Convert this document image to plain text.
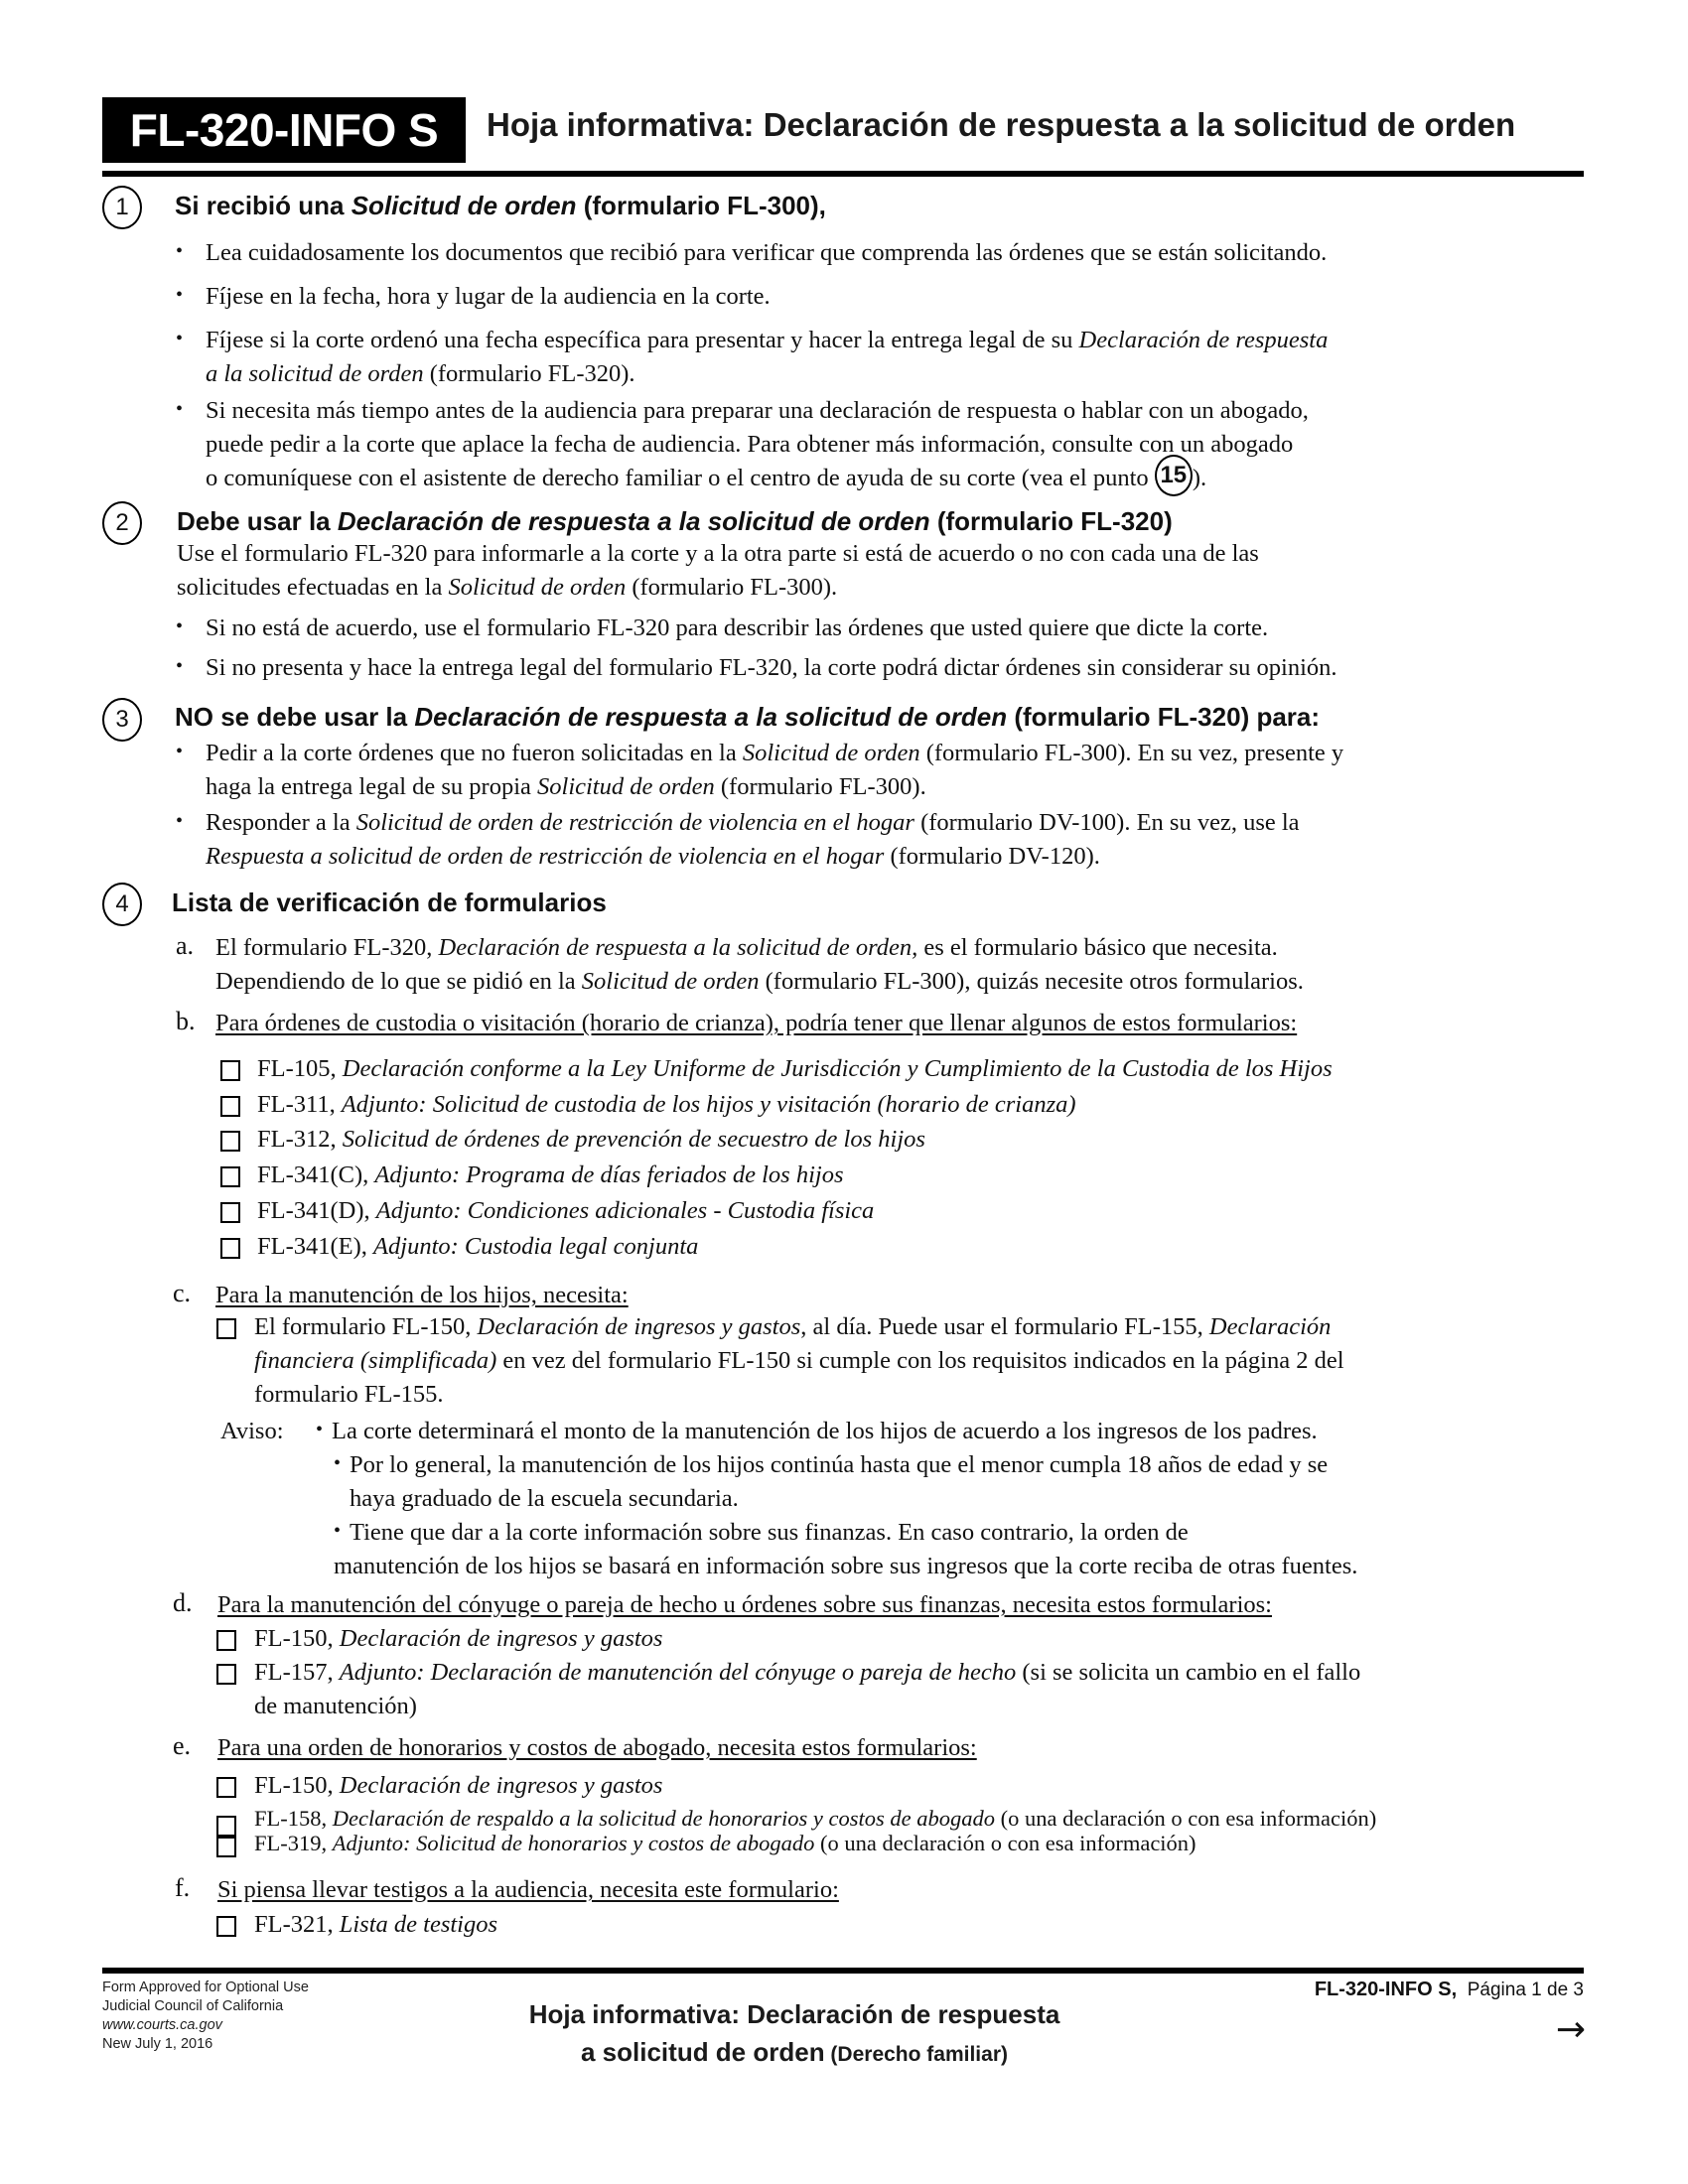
FL-320-INFO S	Hoja informativa: Declaración de respuesta a la solicitud de orden
1	Si recibió una Solicitud de orden (formulario FL-300),
• Lea cuidadosamente los documentos que recibió para verificar que comprenda las órdenes que se están solicitando.
• Fíjese en la fecha, hora y lugar de la audiencia en la corte.
• Fíjese si la corte ordenó una fecha específica para presentar y hacer la entrega legal de su Declaración de respuesta
a la solicitud de orden (formulario FL-320).
• Si necesita más tiempo antes de la audiencia para preparar una declaración de respuesta o hablar con un abogado,
puede pedir a la corte que aplace la fecha de audiencia. Para obtener más información, consulte con un abogado
o comuníquese con el asistente de derecho familiar o el centro de ayuda de su corte (vea el punto 15 ).
2	Debe usar la Declaración de respuesta a la solicitud de orden (formulario FL-320)
Use el formulario FL-320 para informarle a la corte y a la otra parte si está de acuerdo o no con cada una de las
solicitudes efectuadas en la Solicitud de orden (formulario FL-300).
• Si no está de acuerdo, use el formulario FL-320 para describir las órdenes que usted quiere que dicte la corte.
• Si no presenta y hace la entrega legal del formulario FL-320, la corte podrá dictar órdenes sin considerar su opinión.
3	NO se debe usar la Declaración de respuesta a la solicitud de orden (formulario FL-320) para:
• Pedir a la corte órdenes que no fueron solicitadas en la Solicitud de orden (formulario FL-300). En su vez, presente y
haga la entrega legal de su propia Solicitud de orden (formulario FL-300).
• Responder a la Solicitud de orden de restricción de violencia en el hogar (formulario DV-100). En su vez, use la
Respuesta a solicitud de orden de restricción de violencia en el hogar (formulario DV-120).
4	Lista de verificación de formularios
a. El formulario FL-320, Declaración de respuesta a la solicitud de orden, es el formulario básico que necesita.
Dependiendo de lo que se pidió en la Solicitud de orden (formulario FL-300), quizás necesite otros formularios.
b. Para órdenes de custodia o visitación (horario de crianza), podría tener que llenar algunos de estos formularios:
FL-105, Declaración conforme a la Ley Uniforme de Jurisdicción y Cumplimiento de la Custodia de los Hijos
FL-311, Adjunto: Solicitud de custodia de los hijos y visitación (horario de crianza)
FL-312, Solicitud de órdenes de prevención de secuestro de los hijos
FL-341(C), Adjunto: Programa de días feriados de los hijos
FL-341(D), Adjunto: Condiciones adicionales - Custodia física
FL-341(E), Adjunto: Custodia legal conjunta
c. Para la manutención de los hijos, necesita:
El formulario FL-150, Declaración de ingresos y gastos, al día. Puede usar el formulario FL-155, Declaración
financiera (simplificada) en vez del formulario FL-150 si cumple con los requisitos indicados en la página 2 del
formulario FL-155.
Aviso: • La corte determinará el monto de la manutención de los hijos de acuerdo a los ingresos de los padres.
• Por lo general, la manutención de los hijos continúa hasta que el menor cumpla 18 años de edad y se
haya graduado de la escuela secundaria.
• Tiene que dar a la corte información sobre sus finanzas. En caso contrario, la orden de
manutención de los hijos se basará en información sobre sus ingresos que la corte reciba de otras fuentes.
d. Para la manutención del cónyuge o pareja de hecho u órdenes sobre sus finanzas, necesita estos formularios:
FL-150, Declaración de ingresos y gastos
FL-157, Adjunto: Declaración de manutención del cónyuge o pareja de hecho (si se solicita un cambio en el fallo
de manutención)
e. Para una orden de honorarios y costos de abogado, necesita estos formularios:
FL-150, Declaración de ingresos y gastos
FL-158, Declaración de respaldo a la solicitud de honorarios y costos de abogado (o una declaración o con esa información)
FL-319, Adjunto: Solicitud de honorarios y costos de abogado (o una declaración o con esa información)
f. Si piensa llevar testigos a la audiencia, necesita este formulario:
FL-321, Lista de testigos
Form Approved for Optional Use
Judicial Council of California
www.courts.ca.gov
New July 1, 2016
Hoja informativa: Declaración de respuesta
a solicitud de orden (Derecho familiar)
FL-320-INFO S, Página 1 de 3
→
